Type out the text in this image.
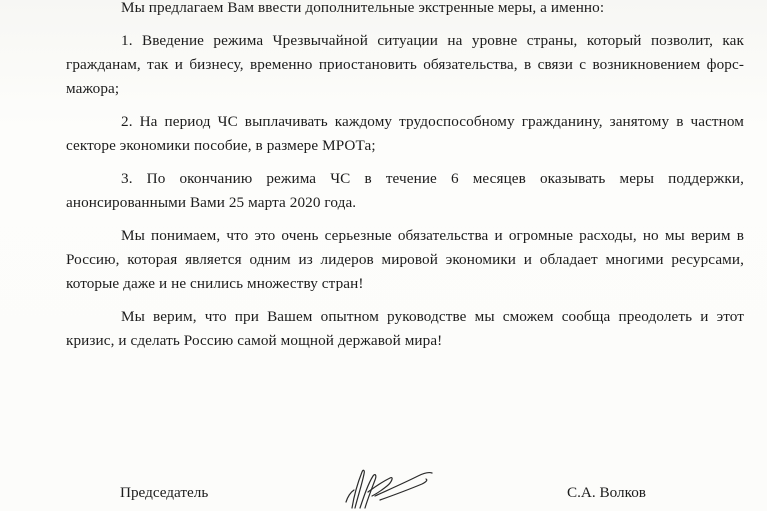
Мы предлагаем Вам ввести дополнительные экстренные меры, а именно:

1. Введение режима Чрезвычайной ситуации на уровне страны, который позволит, как гражданам, так и бизнесу, временно приостановить обязательства, в связи с возникновением форс-мажора;

2. На период ЧС выплачивать каждому трудоспособному гражданину, занятому в частном секторе экономики пособие, в размере МРОТа;

3. По окончанию режима ЧС в течение 6 месяцев оказывать меры поддержки, анонсированными Вами 25 марта 2020 года.

Мы понимаем, что это очень серьезные обязательства и огромные расходы, но мы верим в Россию, которая является одним из лидеров мировой экономики и обладает многими ресурсами, которые даже и не снились множеству стран!

Мы верим, что при Вашем опытном руководстве мы сможем сообща преодолеть и этот кризис, и сделать Россию самой мощной державой мира!

Председатель	С.А. Волков
